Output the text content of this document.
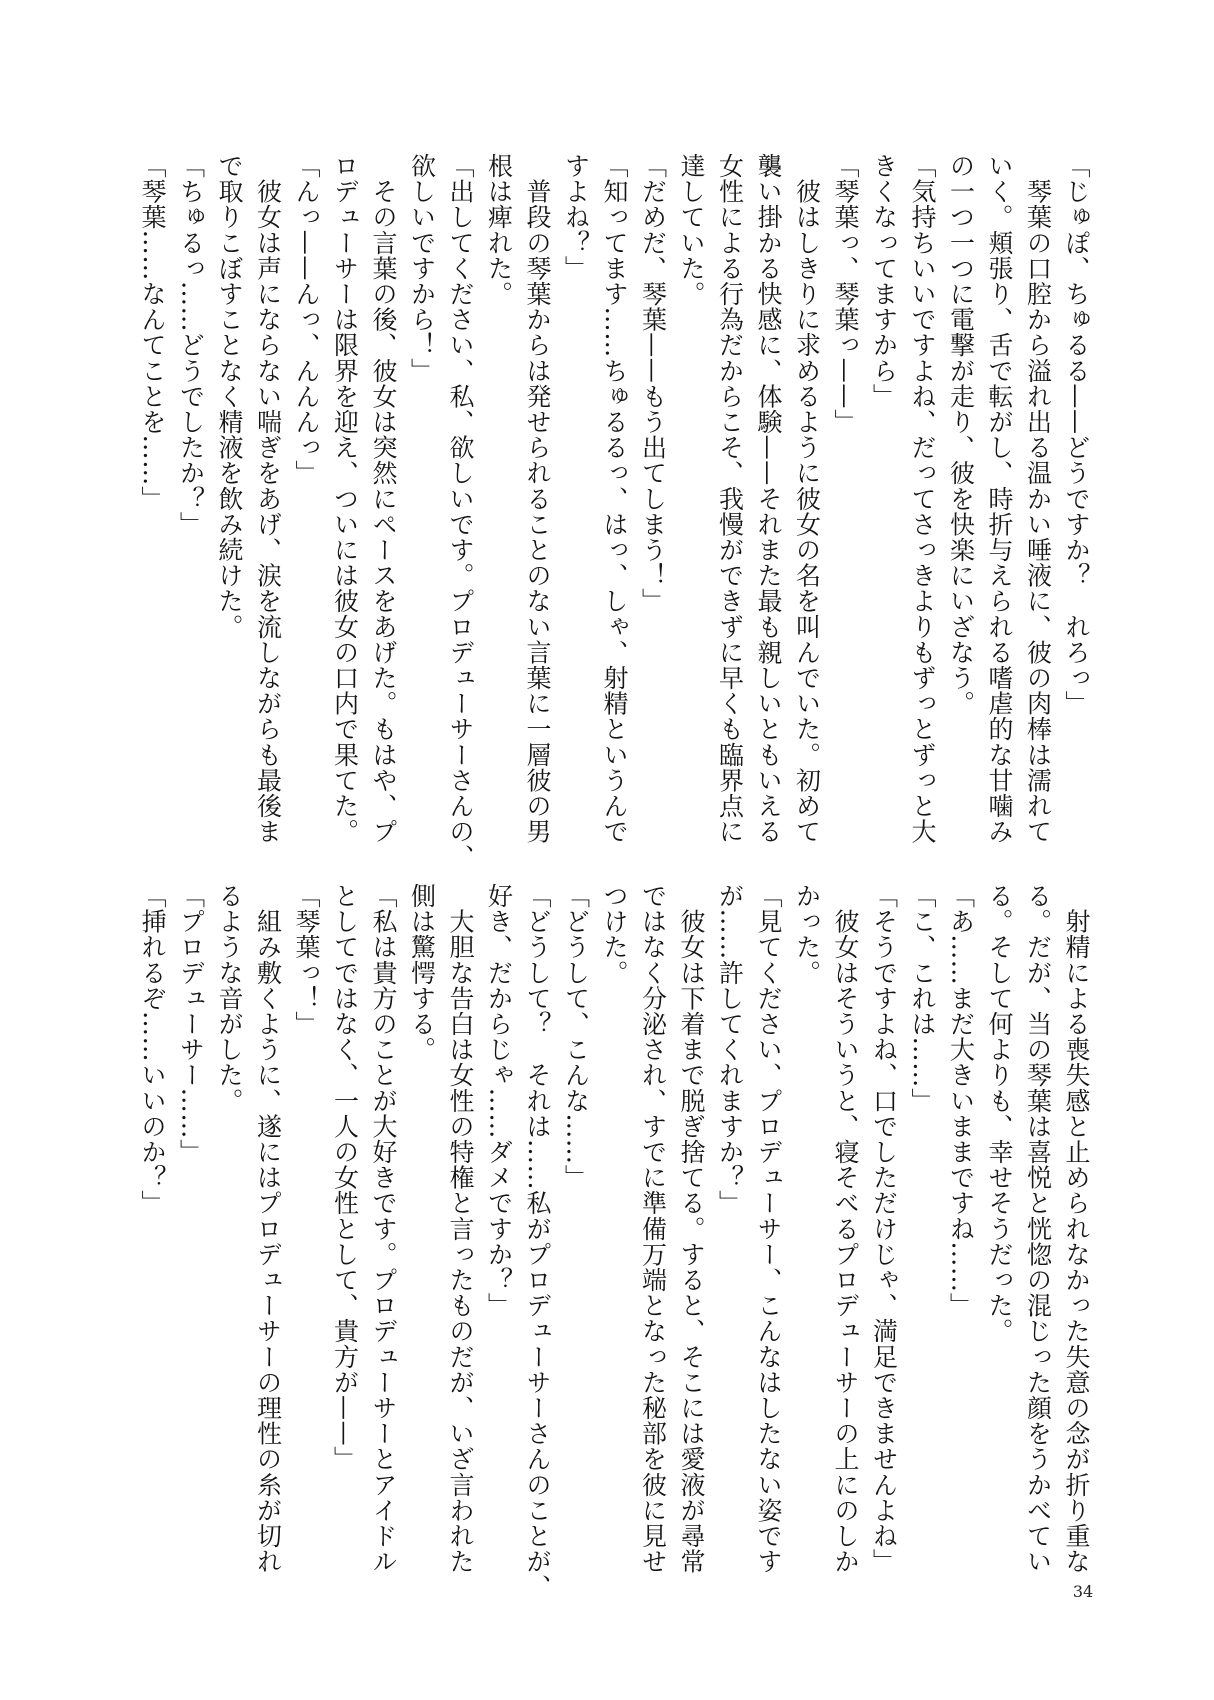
「じゅぽ、ちゅるる——どうですか？　れろっ」
　琴葉の口腔から溢れ出る温かい唾液に、彼の肉棒は濡れて
いく。頬張り、舌で転がし、時折与えられる嗜虐的な甘噛み
の一つ一つに電撃が走り、彼を快楽にいざなう。
「気持ちいいですよね、だってさっきよりもずっとずっと大
きくなってますから」
「琴葉っ、琴葉っ——」
　彼はしきりに求めるように彼女の名を叫んでいた。初めて
襲い掛かる快感に、体験——それまた最も親しいともいえる
女性による行為だからこそ、我慢ができずに早くも臨界点に
達していた。
「だめだ、琴葉——もう出てしまう！」
「知ってます……ちゅるるっ、はっ、しゃ、射精というんで
すよね？」
　普段の琴葉からは発せられることのない言葉に一層彼の男
根は痺れた。
「出してください、私、欲しいです。プロデューサーさんの、
欲しいですから！」
　その言葉の後、彼女は突然にペースをあげた。もはや、プ
ロデューサーは限界を迎え、ついには彼女の口内で果てた。
「んっ——んっ、んんんっ」
　彼女は声にならない喘ぎをあげ、涙を流しながらも最後ま
で取りこぼすことなく精液を飲み続けた。
「ちゅるっ……どうでしたか？」
「琴葉……なんてことを……」
　射精による喪失感と止められなかった失意の念が折り重な
る。だが、当の琴葉は喜悦と恍惚の混じった顔をうかべてい
る。そして何よりも、幸せそうだった。
「あ……まだ大きいままですね……」
「こ、これは……」
「そうですよね、口でしただけじゃ、満足できませんよね」
　彼女はそういうと、寝そべるプロデューサーの上にのしか
かった。
「見てください、プロデューサー、こんなはしたない姿です
が……許してくれますか？」
　彼女は下着まで脱ぎ捨てる。すると、そこには愛液が尋常
ではなく分泌され、すでに準備万端となった秘部を彼に見せ
つけた。
「どうして、こんな……」
「どうして？　それは……私がプロデューサーさんのことが、
好き、だからじゃ……ダメですか？」
　大胆な告白は女性の特権と言ったものだが、いざ言われた
側は驚愕する。
「私は貴方のことが大好きです。プロデューサーとアイドル
としてではなく、一人の女性として、貴方が——」
「琴葉っ！」
　組み敷くように、遂にはプロデューサーの理性の糸が切れ
るような音がした。
「プロデューサー……」
「挿れるぞ……いいのか？」
34
